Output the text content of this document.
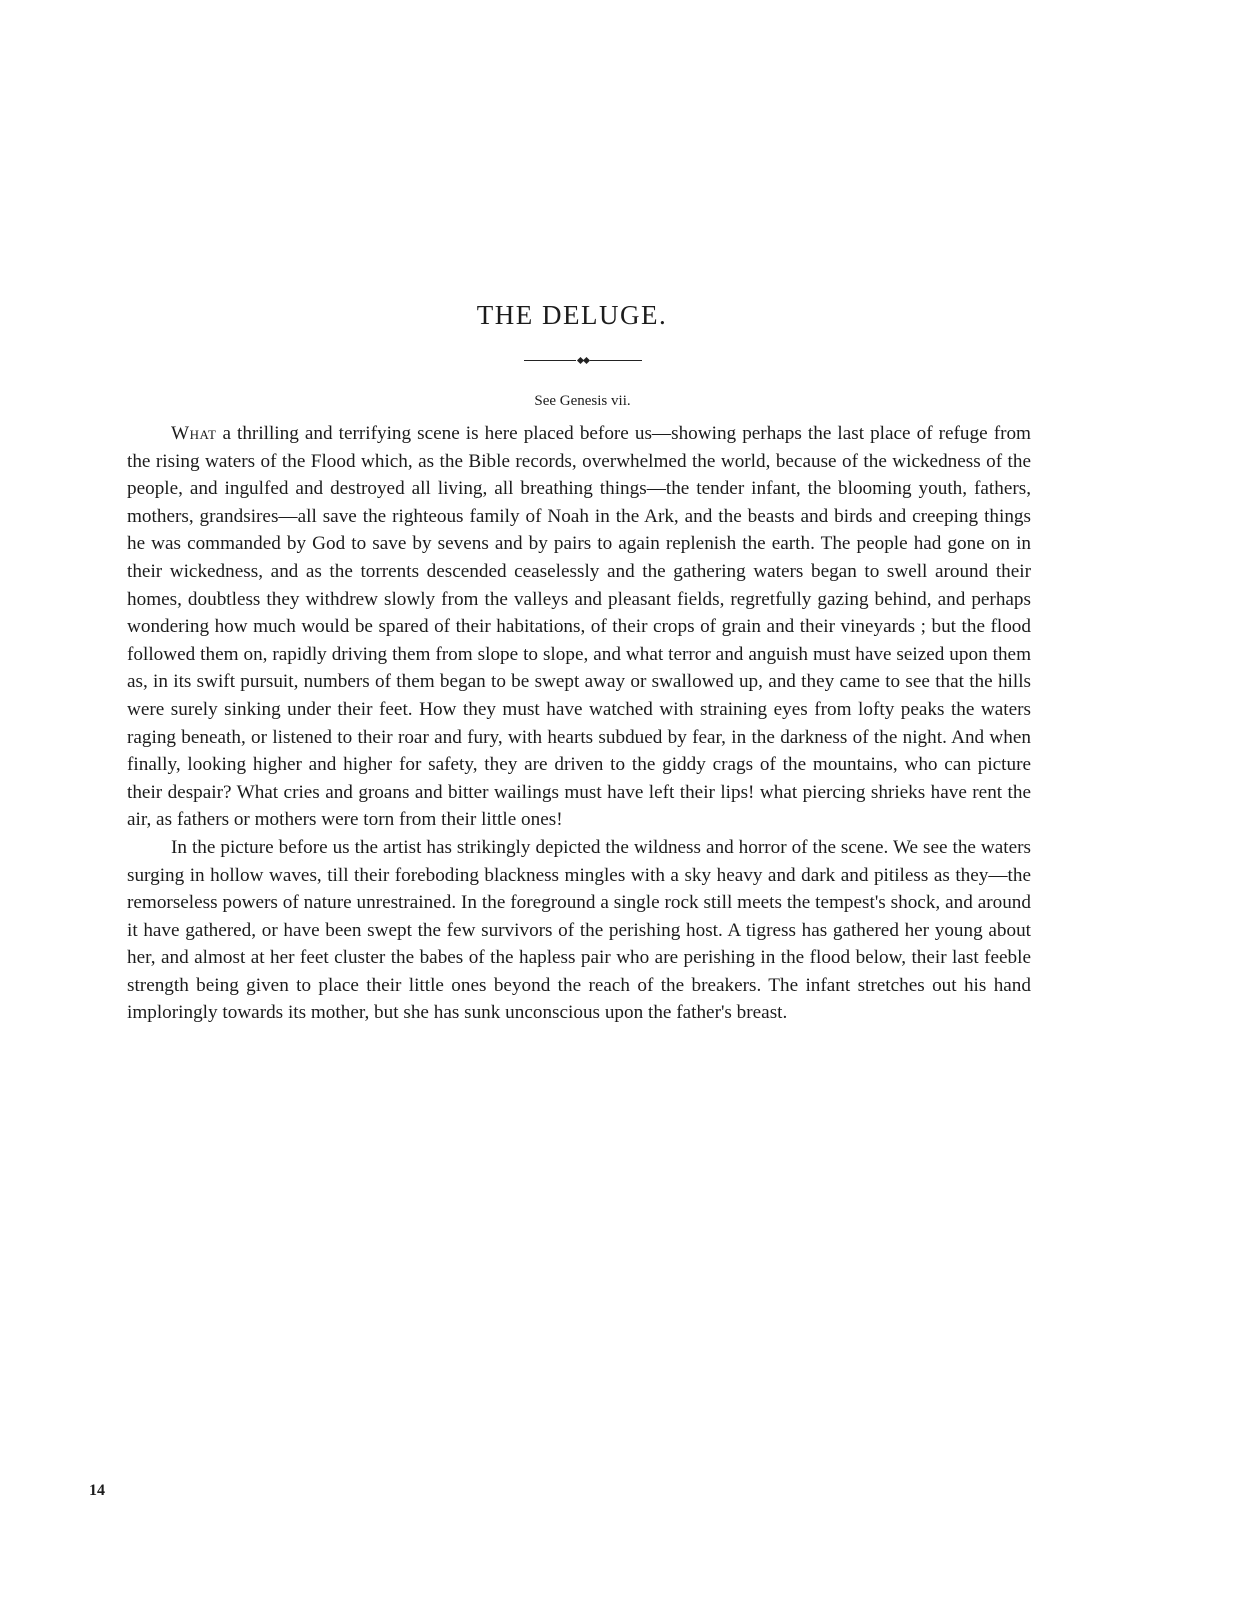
THE DELUGE.

See Genesis vii.

What a thrilling and terrifying scene is here placed before us—showing perhaps the last place of refuge from the rising waters of the Flood which, as the Bible records, overwhelmed the world, because of the wickedness of the people, and ingulfed and destroyed all living, all breathing things—the tender infant, the blooming youth, fathers, mothers, grandsires—all save the righteous family of Noah in the Ark, and the beasts and birds and creeping things he was commanded by God to save by sevens and by pairs to again replenish the earth. The people had gone on in their wickedness, and as the torrents descended ceaselessly and the gathering waters began to swell around their homes, doubtless they withdrew slowly from the valleys and pleasant fields, regretfully gazing behind, and perhaps wondering how much would be spared of their habitations, of their crops of grain and their vineyards ; but the flood followed them on, rapidly driving them from slope to slope, and what terror and anguish must have seized upon them as, in its swift pursuit, numbers of them began to be swept away or swallowed up, and they came to see that the hills were surely sinking under their feet. How they must have watched with straining eyes from lofty peaks the waters raging beneath, or listened to their roar and fury, with hearts subdued by fear, in the darkness of the night. And when finally, looking higher and higher for safety, they are driven to the giddy crags of the mountains, who can picture their despair? What cries and groans and bitter wailings must have left their lips! what piercing shrieks have rent the air, as fathers or mothers were torn from their little ones!

In the picture before us the artist has strikingly depicted the wildness and horror of the scene. We see the waters surging in hollow waves, till their foreboding blackness mingles with a sky heavy and dark and pitiless as they—the remorseless powers of nature unrestrained. In the foreground a single rock still meets the tempest's shock, and around it have gathered, or have been swept the few survivors of the perishing host. A tigress has gathered her young about her, and almost at her feet cluster the babes of the hapless pair who are perishing in the flood below, their last feeble strength being given to place their little ones beyond the reach of the breakers. The infant stretches out his hand imploringly towards its mother, but she has sunk unconscious upon the father's breast.

14
